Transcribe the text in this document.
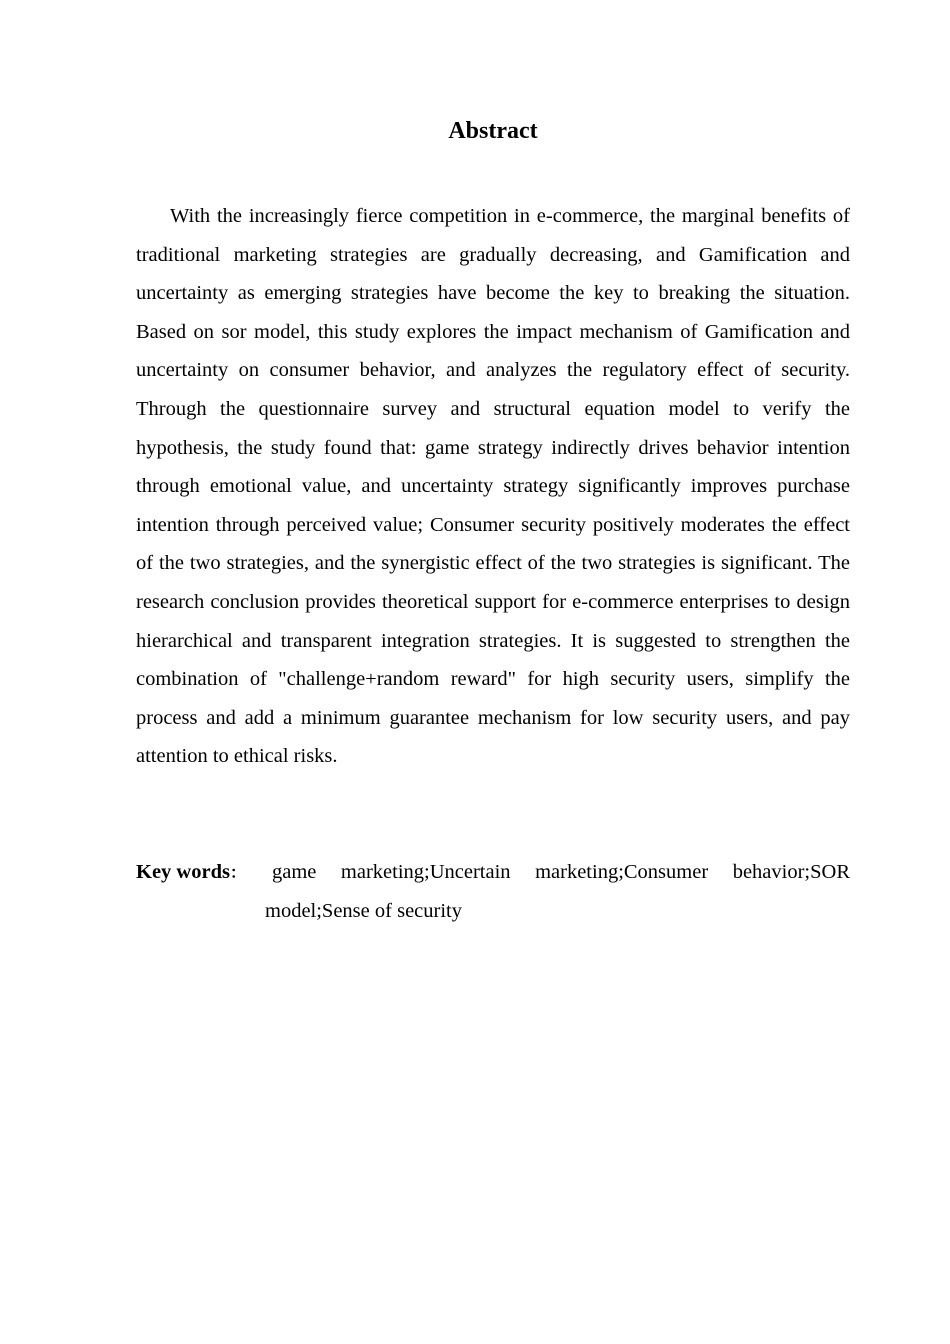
Abstract

With the increasingly fierce competition in e-commerce, the marginal benefits of traditional marketing strategies are gradually decreasing, and Gamification and uncertainty as emerging strategies have become the key to breaking the situation. Based on sor model, this study explores the impact mechanism of Gamification and uncertainty on consumer behavior, and analyzes the regulatory effect of security. Through the questionnaire survey and structural equation model to verify the hypothesis, the study found that: game strategy indirectly drives behavior intention through emotional value, and uncertainty strategy significantly improves purchase intention through perceived value; Consumer security positively moderates the effect of the two strategies, and the synergistic effect of the two strategies is significant. The research conclusion provides theoretical support for e-commerce enterprises to design hierarchical and transparent integration strategies. It is suggested to strengthen the combination of "challenge+random reward" for high security users, simplify the process and add a minimum guarantee mechanism for low security users, and pay attention to ethical risks.

Key words：	game marketing;Uncertain marketing;Consumer behavior;SOR model;Sense of security
